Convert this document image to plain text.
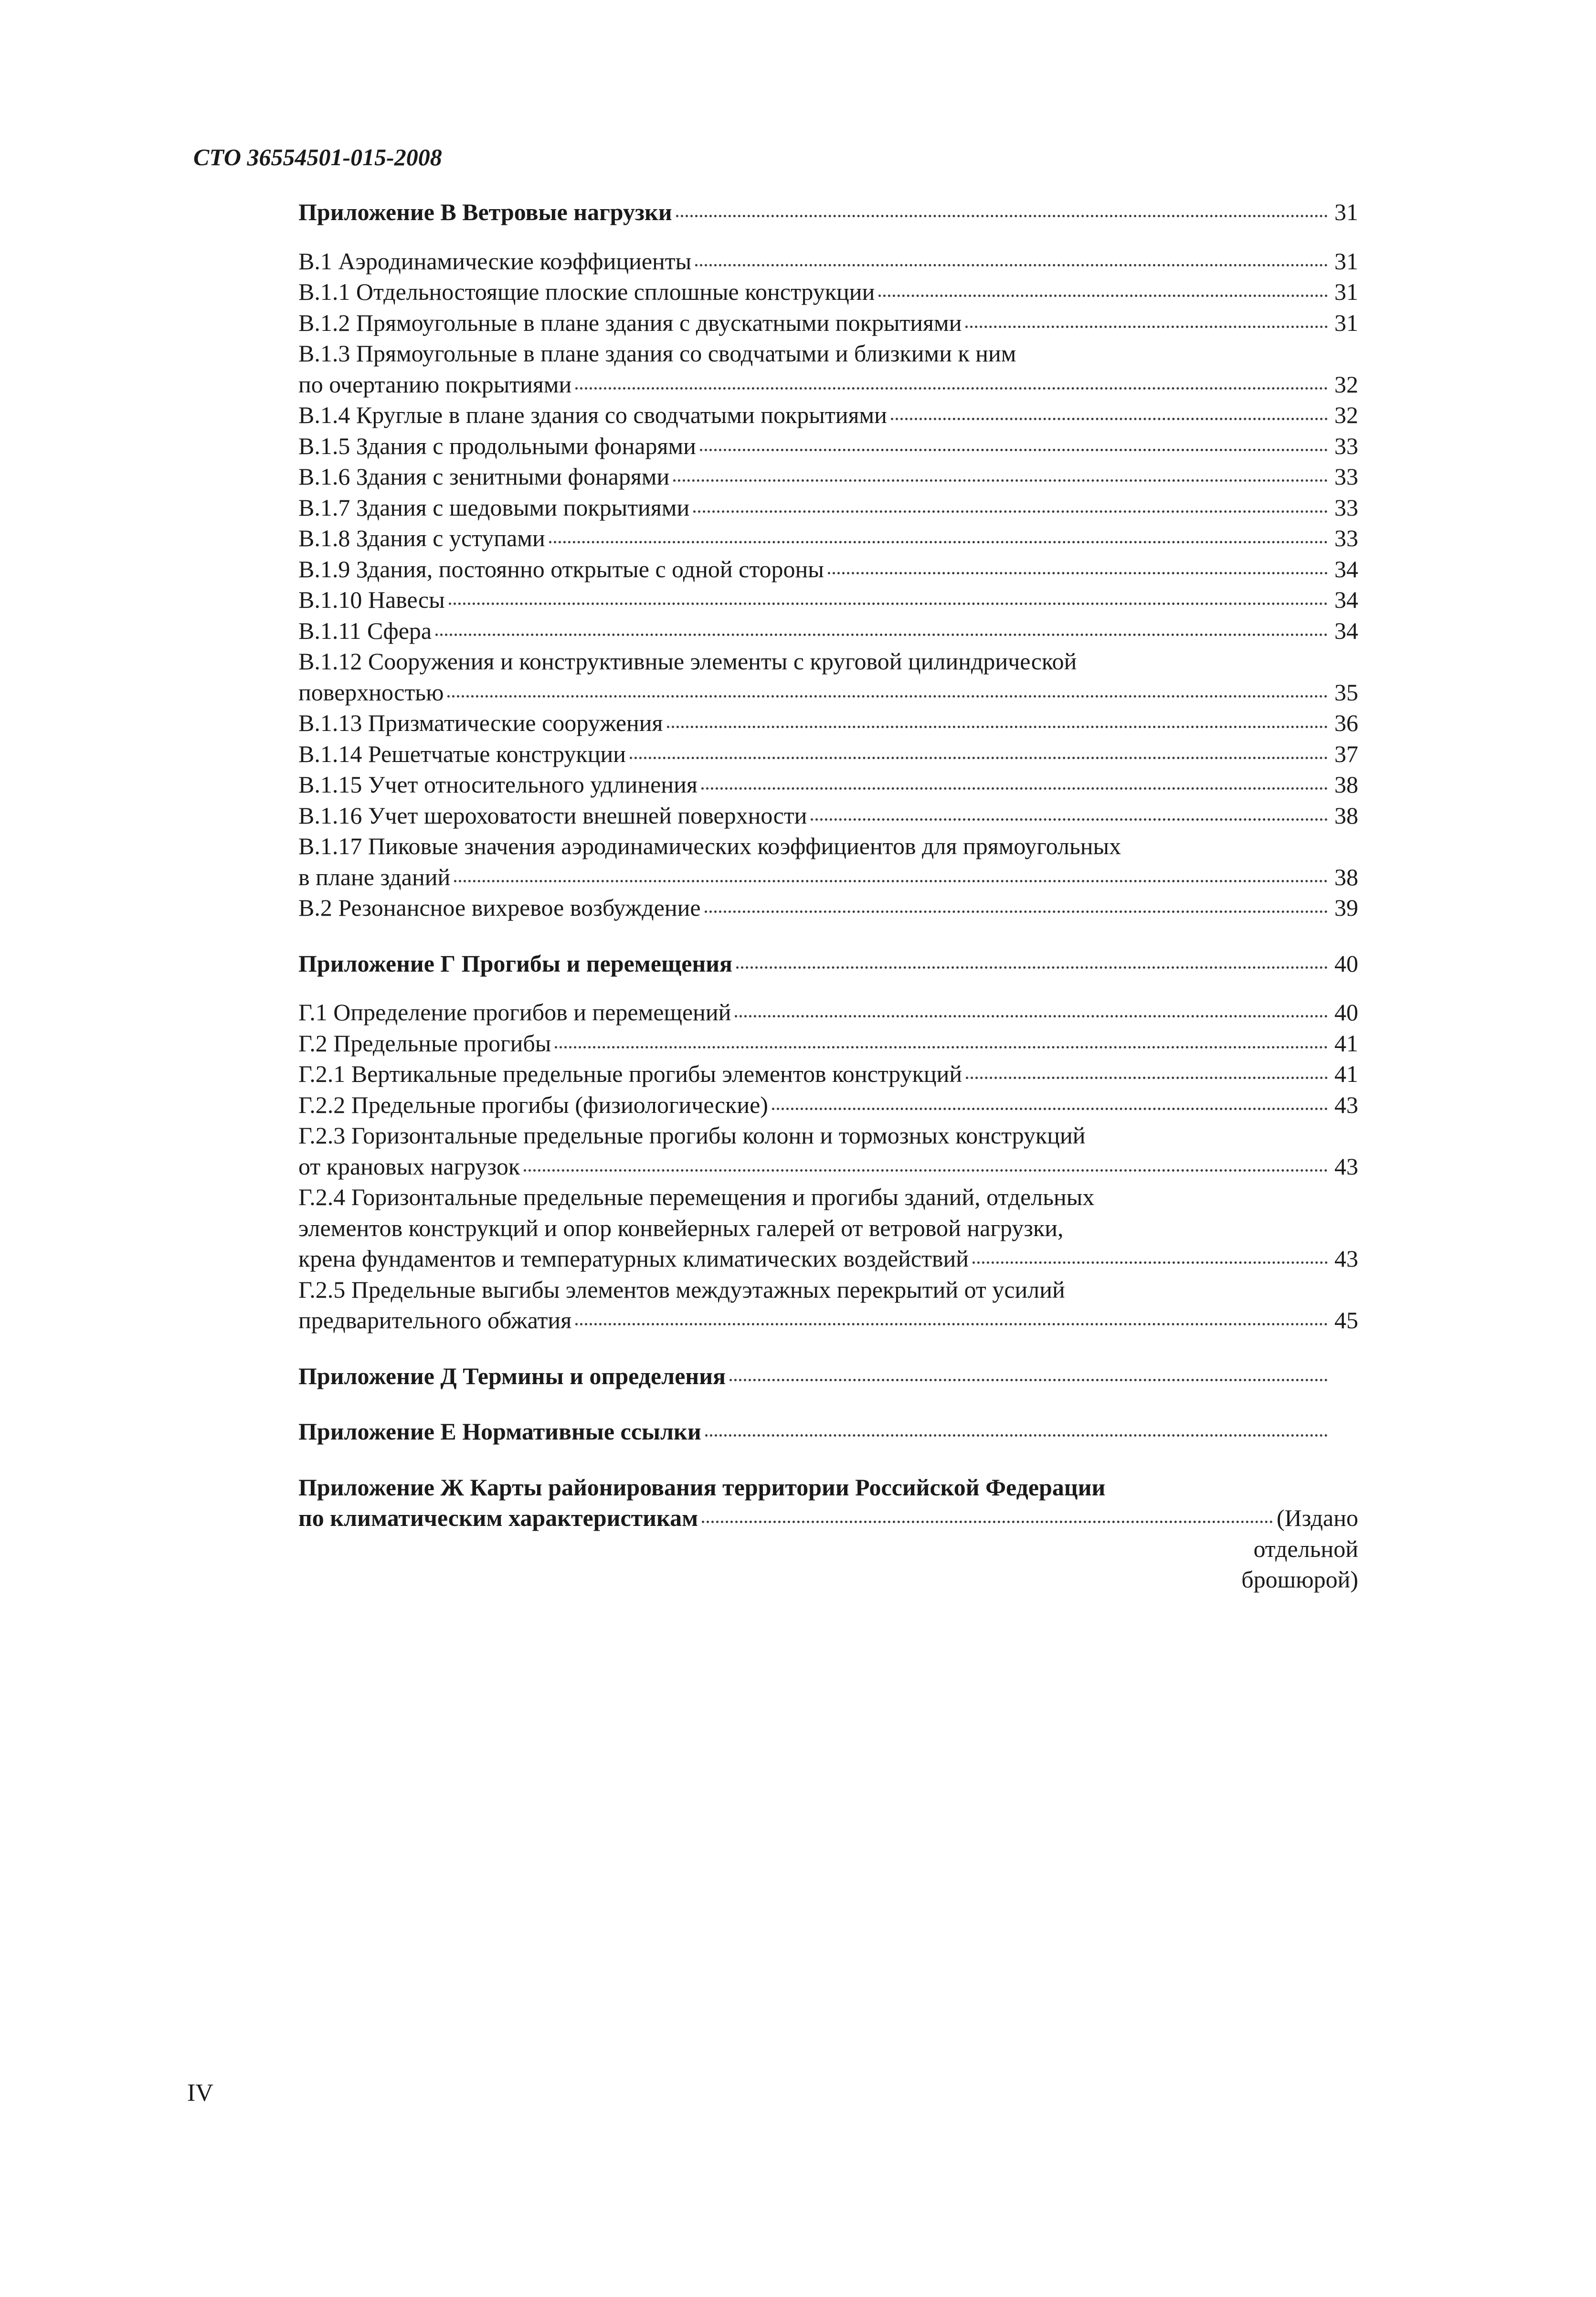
СТО 36554501-015-2008
Приложение В Ветровые нагрузки	31
В.1 Аэродинамические коэффициенты	31
В.1.1 Отдельностоящие плоские сплошные конструкции	31
В.1.2 Прямоугольные в плане здания с двускатными покрытиями	31
В.1.3 Прямоугольные в плане здания со сводчатыми и близкими к ним
по очертанию покрытиями	32
В.1.4 Круглые в плане здания со сводчатыми покрытиями	32
В.1.5 Здания с продольными фонарями	33
В.1.6 Здания с зенитными фонарями	33
В.1.7 Здания с шедовыми покрытиями	33
В.1.8 Здания с уступами	33
В.1.9 Здания, постоянно открытые с одной стороны	34
В.1.10 Навесы	34
В.1.11 Сфера	34
В.1.12 Сооружения и конструктивные элементы с круговой цилиндрической
поверхностью	35
В.1.13 Призматические сооружения	36
В.1.14 Решетчатые конструкции	37
В.1.15 Учет относительного удлинения	38
В.1.16 Учет шероховатости внешней поверхности	38
В.1.17 Пиковые значения аэродинамических коэффициентов для прямоугольных
в плане зданий	38
В.2 Резонансное вихревое возбуждение	39
Приложение Г Прогибы и перемещения	40
Г.1 Определение прогибов и перемещений	40
Г.2 Предельные прогибы	41
Г.2.1 Вертикальные предельные прогибы элементов конструкций	41
Г.2.2 Предельные прогибы (физиологические)	43
Г.2.3 Горизонтальные предельные прогибы колонн и тормозных конструкций
от крановых нагрузок	43
Г.2.4 Горизонтальные предельные перемещения и прогибы зданий, отдельных
элементов конструкций и опор конвейерных галерей от ветровой нагрузки,
крена фундаментов и температурных климатических воздействий	43
Г.2.5 Предельные выгибы элементов междуэтажных перекрытий от усилий
предварительного обжатия	45
Приложение Д Термины и определения
Приложение Е Нормативные ссылки
Приложение Ж Карты районирования территории Российской Федерации
по климатическим характеристикам	(Издано
отдельной
брошюрой)
IV
